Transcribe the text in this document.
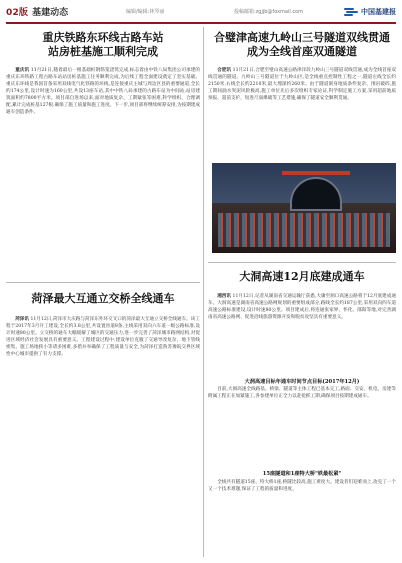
02版 基建动态	编辑/编辑:林琴丽	投稿邮箱:zgjjb@foxmail.com	中国基建报
重庆铁路东环线古路车站
站房桩基施工顺利完成

重庆讯 11月21日,随着最后一根基础桩钢筋笼浇筑完成,标志着由中铁八局集团公司承建的重庆东环铁路工程古路车站站房桩基施工任务顺利完成,为后续工程全面建设奠定了坚实基础。重庆东环线是我国首条采用双线电气化铁路的环线,是连接重庆主城与周边区县的重要通道,全长约174公里,设计时速为160公里,共设13座车站,其中中铁八局承建的古路车站为中间站,站房建筑面积约7800平方米。项目部自进场以来,面对地质复杂、工期紧张等困难,科学组织、合理调配,累计完成桩基127根,确保了施工质量和施工进度。下一步,项目部将继续统筹安排,为按期建成通车创造条件。

菏泽最大互通立交桥全线通车

菏泽讯 11月12日,菏泽市大庆路与菏泽东外环交叉口的菏泽最大互通立交桥全线通车。该工程于2017年3月开工建设,全长约3.8公里,共设置匝道8条,主线采用双向六车道一级公路标准,设计时速80公里。立交桥的通车大幅缓解了城区的交通压力,进一步完善了菏泽城市路网结构,对促进区域经济社会发展具有重要意义。工程建设过程中,建设单位克服了交通导改复杂、地下管线密集、施工场地狭小等诸多困难,多措并举确保了工程质量与安全,为菏泽打造鲁苏豫皖交界区域性中心城市提供了有力支撑。

合璧津高速九岭山三号隧道双线贯通
成为全线首座双通隧道

合肥讯 11月21日,合肥至璧山高速公路津洋段九岭山三号隧道双线贯通,成为全线首座双线贯通的隧道。九岭山三号隧道位于九岭山区,是全线重点控制性工程之一,隧道左线全长约2150米,右线全长约2210米,最大埋深约260米。由于隧道洞身地质条件复杂、围岩破碎,施工期间涌水突泥风险极高,施工单位先后多次组织专家论证,科学制定施工方案,采用超前地质预报、超前支护、短进尺弱爆破等工艺措施,确保了隧道安全顺利贯通。

大洞高速12月底建成通车

湘西讯 11月12日,记者从湖南省交通运输厅获悉,大庸至洞口高速公路将于12月底建成通车。大洞高速是湖南省高速公路网规划的重要组成部分,路线全长约187公里,采用双向四车道高速公路标准建设,设计时速80公里。项目建成后,将连通张家界、怀化、邵阳等地,对完善湖南省高速公路网、促进沿线旅游资源开发和脱贫攻坚具有重要意义。

大洞高速目标年通车时间节点目标(2017年12月)

目前,大洞高速全线路基、桥梁、隧道等主体工程已基本完工,路面、交安、机电、房建等附属工程正在加紧施工,各参建单位正全力以赴抢抓工期,确保项目按期建成通车。

15座隧道和1座特大桥"铁最松紧"

全线共有隧道15座、特大桥1座,桥隧比较高,施工难度大。建设者们迎难而上,攻克了一个又一个技术难题,保证了工程的质量和进度。
